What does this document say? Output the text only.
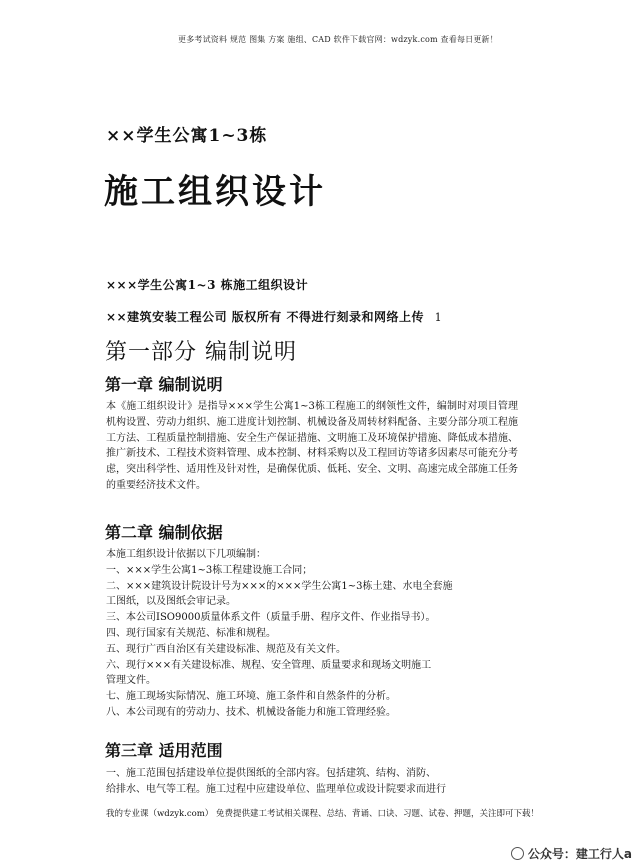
更多考试资料 规范 图集 方案 施组、CAD 软件下载官网：wdzyk.com 查看每日更新！
××学生公寓1~3栋
施工组织设计
×××学生公寓1~3 栋施工组织设计
××建筑安装工程公司 版权所有 不得进行刻录和网络上传 1
第一部分 编制说明
第一章 编制说明
本《施工组织设计》是指导×××学生公寓1~3栋工程施工的纲领性文件，编制时对项目管理机构设置、劳动力组织、施工进度计划控制、机械设备及周转材料配备、主要分部分项工程施工方法、工程质量控制措施、安全生产保证措施、文明施工及环境保护措施、降低成本措施、推广新技术、工程技术资料管理、成本控制、材料采购以及工程回访等诸多因素尽可能充分考虑，突出科学性、适用性及针对性，是确保优质、低耗、安全、文明、高速完成全部施工任务的重要经济技术文件。
第二章 编制依据
本施工组织设计依据以下几项编制：
一、×××学生公寓1~3栋工程建设施工合同；
二、×××建筑设计院设计号为×××的×××学生公寓1~3栋土建、水电全套施
工图纸，以及图纸会审记录。
三、本公司ISO9000质量体系文件（质量手册、程序文件、作业指导书）。
四、现行国家有关规范、标准和规程。
五、现行广西自治区有关建设标准、规范及有关文件。
六、现行×××有关建设标准、规程、安全管理、质量要求和现场文明施工
管理文件。
七、施工现场实际情况、施工环境、施工条件和自然条件的分析。
八、本公司现有的劳动力、技术、机械设备能力和施工管理经验。
第三章 适用范围
一、施工范围包括建设单位提供图纸的全部内容。包括建筑、结构、消防、
给排水、电气等工程。施工过程中应建设单位、监理单位或设计院要求而进行
我的专业课（wdzyk.com） 免费提供建工考试相关课程、总结、背诵、口诀、习题、试卷、押题，关注即可下载！
公众号：建工行人a
